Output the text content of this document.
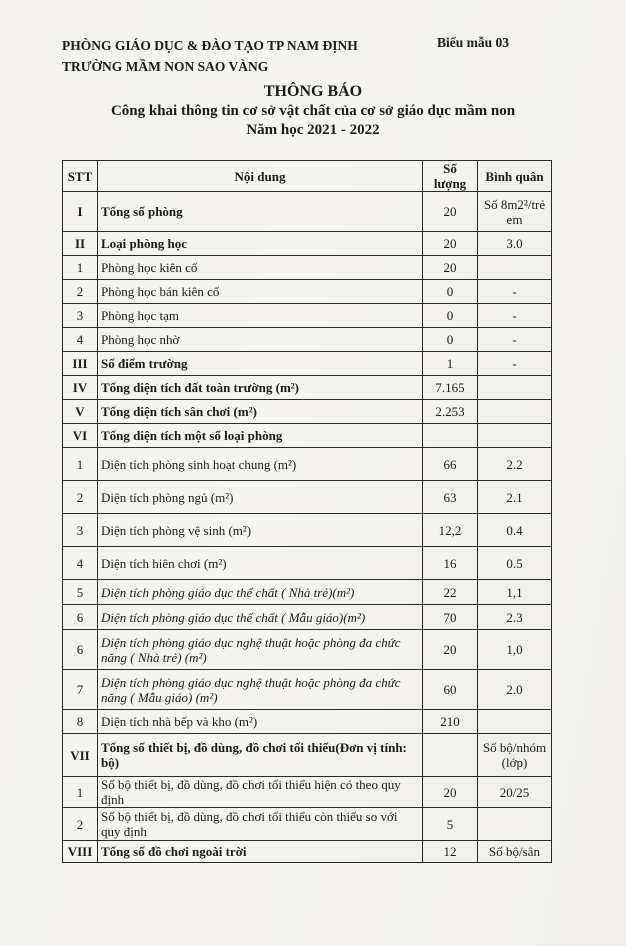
PHÒNG GIÁO DỤC & ĐÀO TẠO TP NAM ĐỊNH
TRƯỜNG MẦM NON SAO VÀNG
Biểu mẫu 03
THÔNG BÁO
Công khai thông tin cơ sở vật chất của cơ sở giáo dục mầm non
Năm học 2021 - 2022
STT	Nội dung	Số lượng	Bình quân
I	Tổng số phòng	20	Số 8m2²/trẻ em
II	Loại phòng học	20	3.0
1	Phòng học kiên cố	20	
2	Phòng học bán kiên cố	0	-
3	Phòng học tạm	0	-
4	Phòng học nhờ	0	-
III	Số điểm trường	1	-
IV	Tổng diện tích đất toàn trường (m²)	7.165	
V	Tổng diện tích sân chơi (m²)	2.253	
VI	Tổng diện tích một số loại phòng		
1	Diện tích phòng sinh hoạt chung (m²)	66	2.2
2	Diện tích phòng ngủ (m²)	63	2.1
3	Diện tích phòng vệ sinh (m²)	12,2	0.4
4	Diện tích hiên chơi (m²)	16	0.5
5	Diện tích phòng giáo dục thể chất ( Nhà trẻ)(m²)	22	1,1
6	Diện tích phòng giáo dục thể chất ( Mẫu giáo)(m²)	70	2.3
6	Diện tích phòng giáo dục nghệ thuật hoặc phòng đa chức năng ( Nhà trẻ) (m²)	20	1,0
7	Diện tích phòng giáo dục nghệ thuật hoặc phòng đa chức năng ( Mẫu giáo) (m²)	60	2.0
8	Diện tích nhà bếp và kho (m²)	210	
VII	Tổng số thiết bị, đồ dùng, đồ chơi tối thiểu(Đơn vị tính: bộ)		Số bộ/nhóm (lớp)
1	Số bộ thiết bị, đồ dùng, đồ chơi tối thiểu hiện có theo quy định	20	20/25
2	Số bộ thiết bị, đồ dùng, đồ chơi tối thiểu còn thiếu so với quy định	5	
VIII	Tổng số đồ chơi ngoài trời	12	Số bộ/sân
